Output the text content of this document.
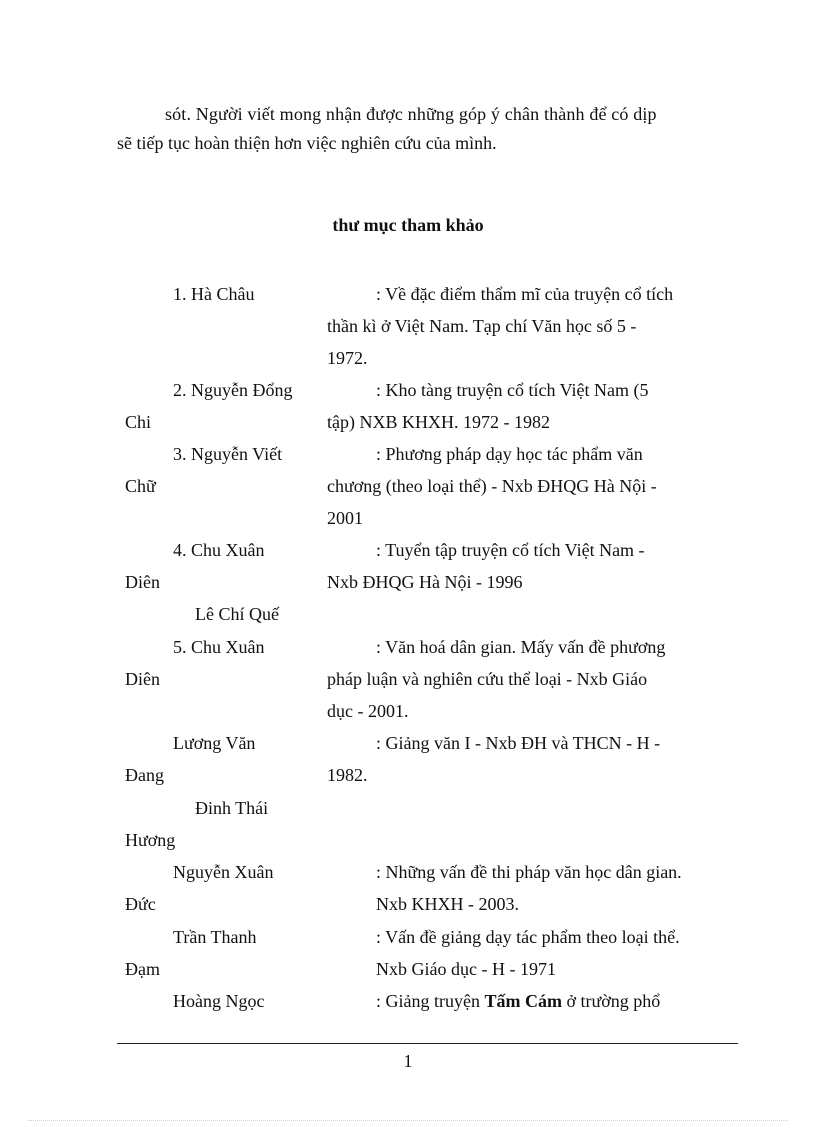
sót. Người viết mong nhận được những góp ý chân thành để có dịp
sẽ tiếp tục hoàn thiện hơn việc nghiên cứu của mình.
thư mục tham khảo
1. Hà Châu	: Về đặc điểm thẩm mĩ của truyện cổ tích
thần kì ở Việt Nam. Tạp chí Văn học số 5 -
1972.
2. Nguyễn Đổng
Chi
: Kho tàng truyện cổ tích Việt Nam (5
tập) NXB KHXH. 1972 - 1982
3. Nguyễn Viết
Chữ
: Phương pháp dạy học tác phẩm văn
chương (theo loại thể) - Nxb ĐHQG Hà Nội -
2001
4. Chu Xuân
Diên
Lê Chí Quế
: Tuyển tập truyện cổ tích Việt Nam -
Nxb ĐHQG Hà Nội - 1996
5. Chu Xuân
Diên
: Văn hoá dân gian. Mấy vấn đề phương
pháp luận và nghiên cứu thể loại - Nxb Giáo
dục - 2001.
Lương Văn
Đang
Đinh Thái
Hương
: Giảng văn I - Nxb ĐH và THCN - H -
1982.
Nguyễn Xuân
Đức
: Những vấn đề thi pháp văn học dân gian.
Nxb KHXH - 2003.
Trần Thanh
Đạm
: Vấn đề giảng dạy tác phẩm theo loại thể.
Nxb Giáo dục - H - 1971
Hoàng Ngọc	: Giảng truyện Tấm Cám ở trường phổ
1
